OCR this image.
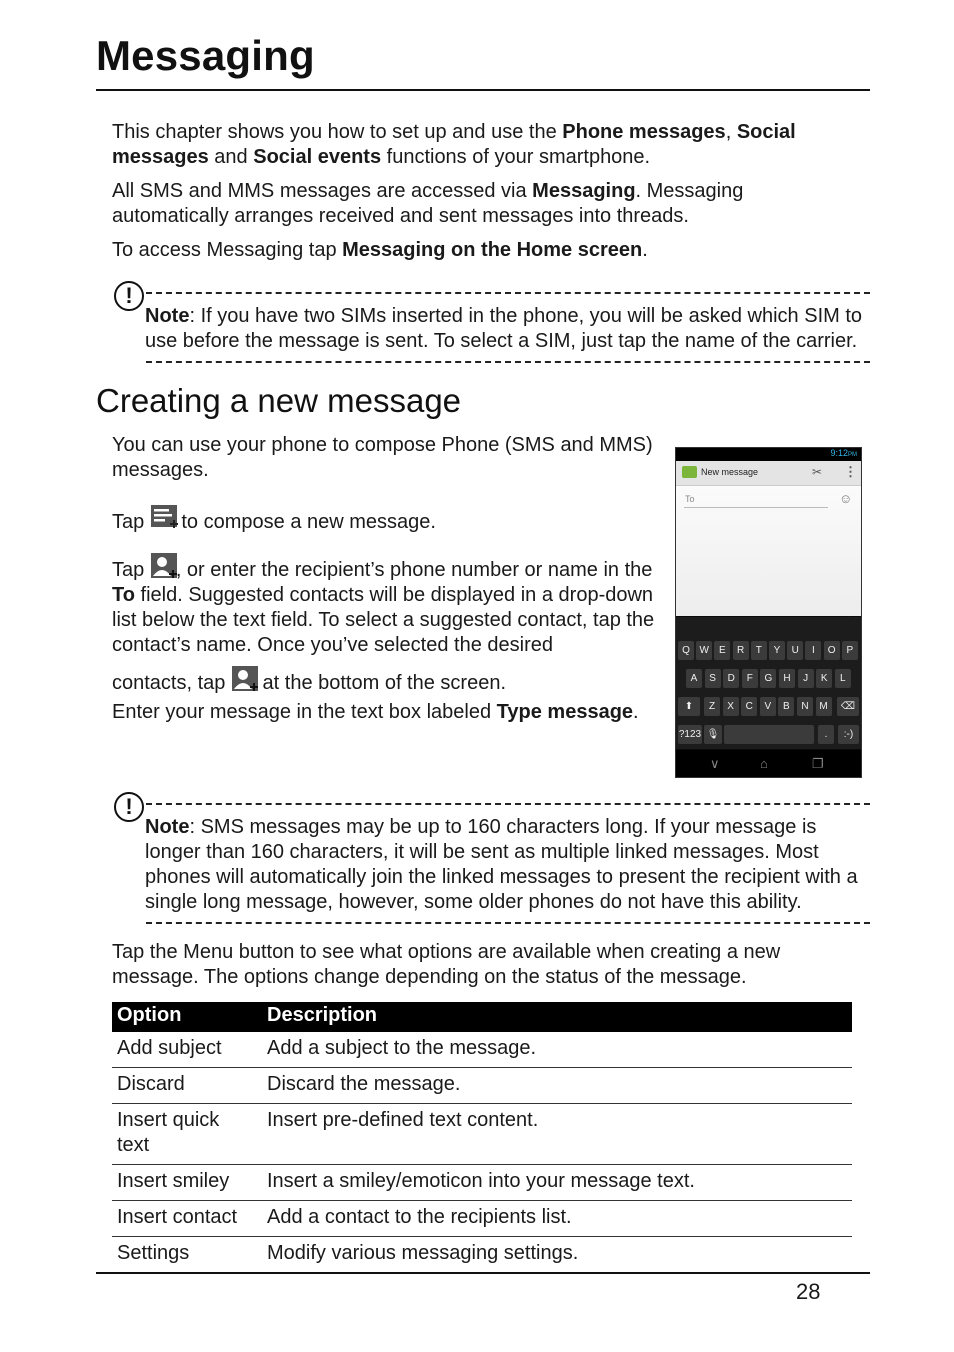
Messaging

This chapter shows you how to set up and use the Phone messages, Social messages and Social events functions of your smartphone.

All SMS and MMS messages are accessed via Messaging. Messaging automatically arranges received and sent messages into threads.

To access Messaging tap Messaging on the Home screen.

!

Note: If you have two SIMs inserted in the phone, you will be asked which SIM to use before the message is sent. To select a SIM, just tap the name of the carrier.

Creating a new message

You can use your phone to compose Phone (SMS and MMS) messages.

Tap  to compose a new message.

Tap , or enter the recipient’s phone number or name in the To field. Suggested contacts will be displayed in a drop-down list below the text field. To select a suggested contact, tap the contact’s name. Once you’ve selected the desired

contacts, tap  at the bottom of the screen.

Enter your message in the text box labeled Type message.

9:12PM
New message	✂ ⋮
To	☺
Q W	E	R	T	Y	U	I	O	P
A	S	D	F	G	H	J	K	L
⬆	Z	X	C	V	B	N	M	⌫
?123 🎙	.	:-)
∨	⌂	❐
!

Note: SMS messages may be up to 160 characters long. If your message is longer than 160 characters, it will be sent as multiple linked messages. Most phones will automatically join the linked messages to present the recipient with a single long message, however, some older phones do not have this ability.

Tap the Menu button to see what options are available when creating a new message. The options change depending on the status of the message.

Option	Description
Add subject	Add a subject to the message.
Discard	Discard the message.
Insert quick text	Insert pre-defined text content.
Insert smiley	Insert a smiley/emoticon into your message text.
Insert contact	Add a contact to the recipients list.
Settings	Modify various messaging settings.
28
